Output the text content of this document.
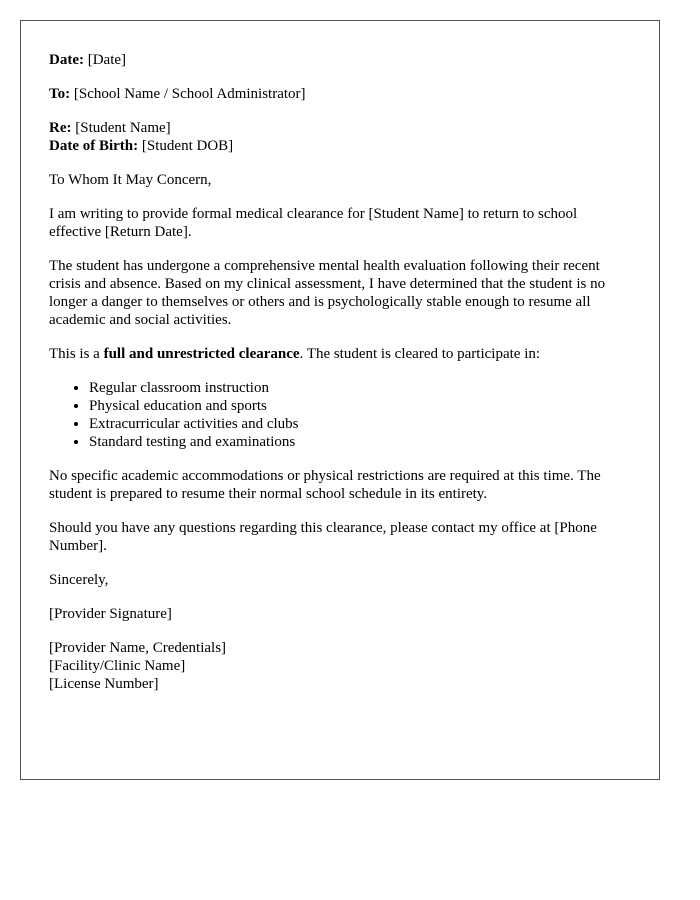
Date: [Date]

To: [School Name / School Administrator]

Re: [Student Name]

Date of Birth: [Student DOB]

To Whom It May Concern,

I am writing to provide formal medical clearance for [Student Name] to return to school effective [Return Date].

The student has undergone a comprehensive mental health evaluation following their recent crisis and absence. Based on my clinical assessment, I have determined that the student is no longer a danger to themselves or others and is psychologically stable enough to resume all academic and social activities.

This is a full and unrestricted clearance. The student is cleared to participate in:

• Regular classroom instruction
• Physical education and sports
• Extracurricular activities and clubs
• Standard testing and examinations

No specific academic accommodations or physical restrictions are required at this time. The student is prepared to resume their normal school schedule in its entirety.

Should you have any questions regarding this clearance, please contact my office at [Phone Number].

Sincerely,

[Provider Signature]

[Provider Name, Credentials]

[Facility/Clinic Name]

[License Number]
